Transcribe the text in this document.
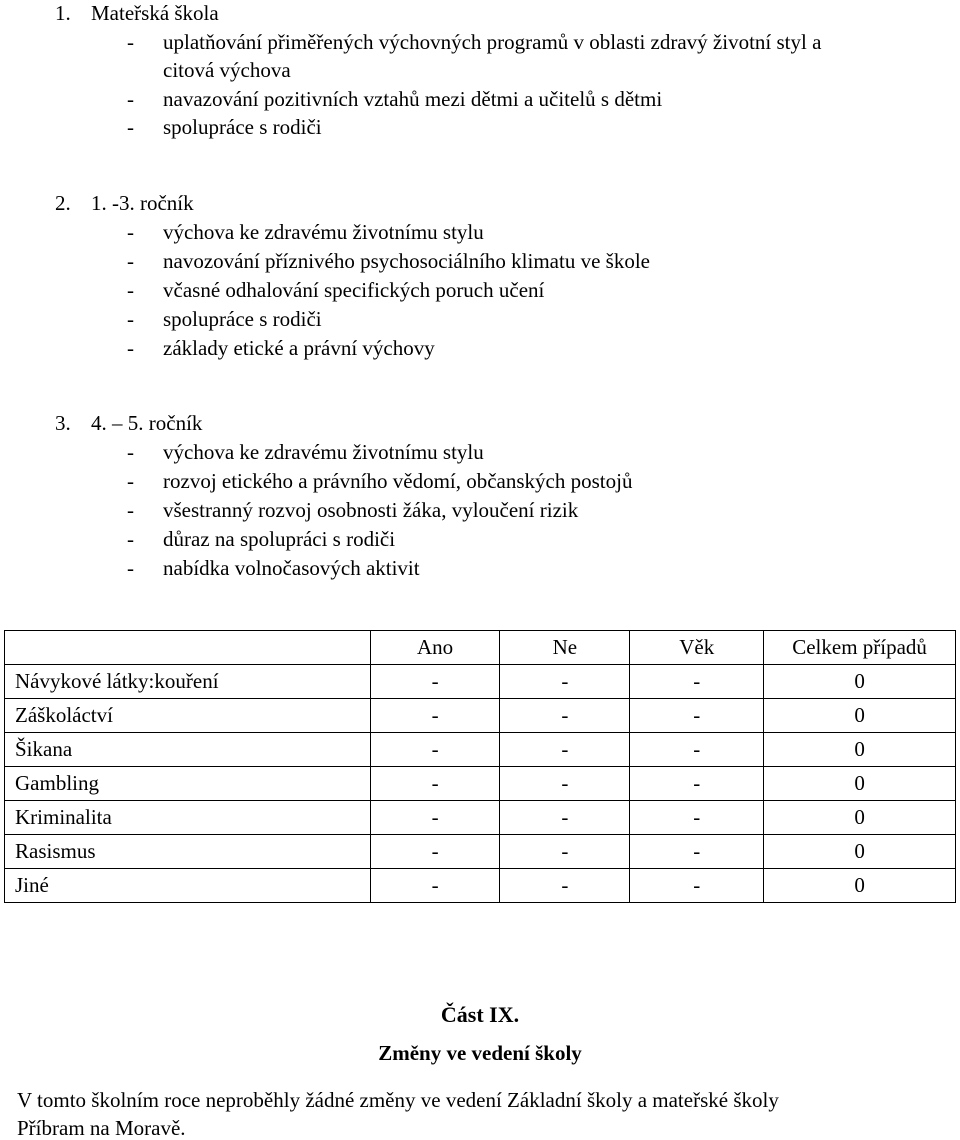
1. Mateřská škola
- uplatňování přiměřených výchovných programů v oblasti zdravý životní styl a
citová výchova
- navazování pozitivních vztahů mezi dětmi a učitelů s dětmi
- spolupráce s rodiči
2. 1. -3. ročník
- výchova ke zdravému životnímu stylu
- navozování příznivého psychosociálního klimatu ve škole
- včasné odhalování specifických poruch učení
- spolupráce s rodiči
- základy etické a právní výchovy
3. 4. – 5. ročník
- výchova ke zdravému životnímu stylu
- rozvoj etického a právního vědomí, občanských postojů
- všestranný rozvoj osobnosti žáka, vyloučení rizik
- důraz na spolupráci s rodiči
- nabídka volnočasových aktivit
	Ano	Ne	Věk	Celkem případů
Návykové látky:kouření	-	-	-	0
Záškoláctví	-	-	-	0
Šikana	-	-	-	0
Gambling	-	-	-	0
Kriminalita	-	-	-	0
Rasismus	-	-	-	0
Jiné	-	-	-	0
Část IX.
Změny ve vedení školy
V tomto školním roce neproběhly žádné změny ve vedení Základní školy a mateřské školy
Příbram na Moravě.
